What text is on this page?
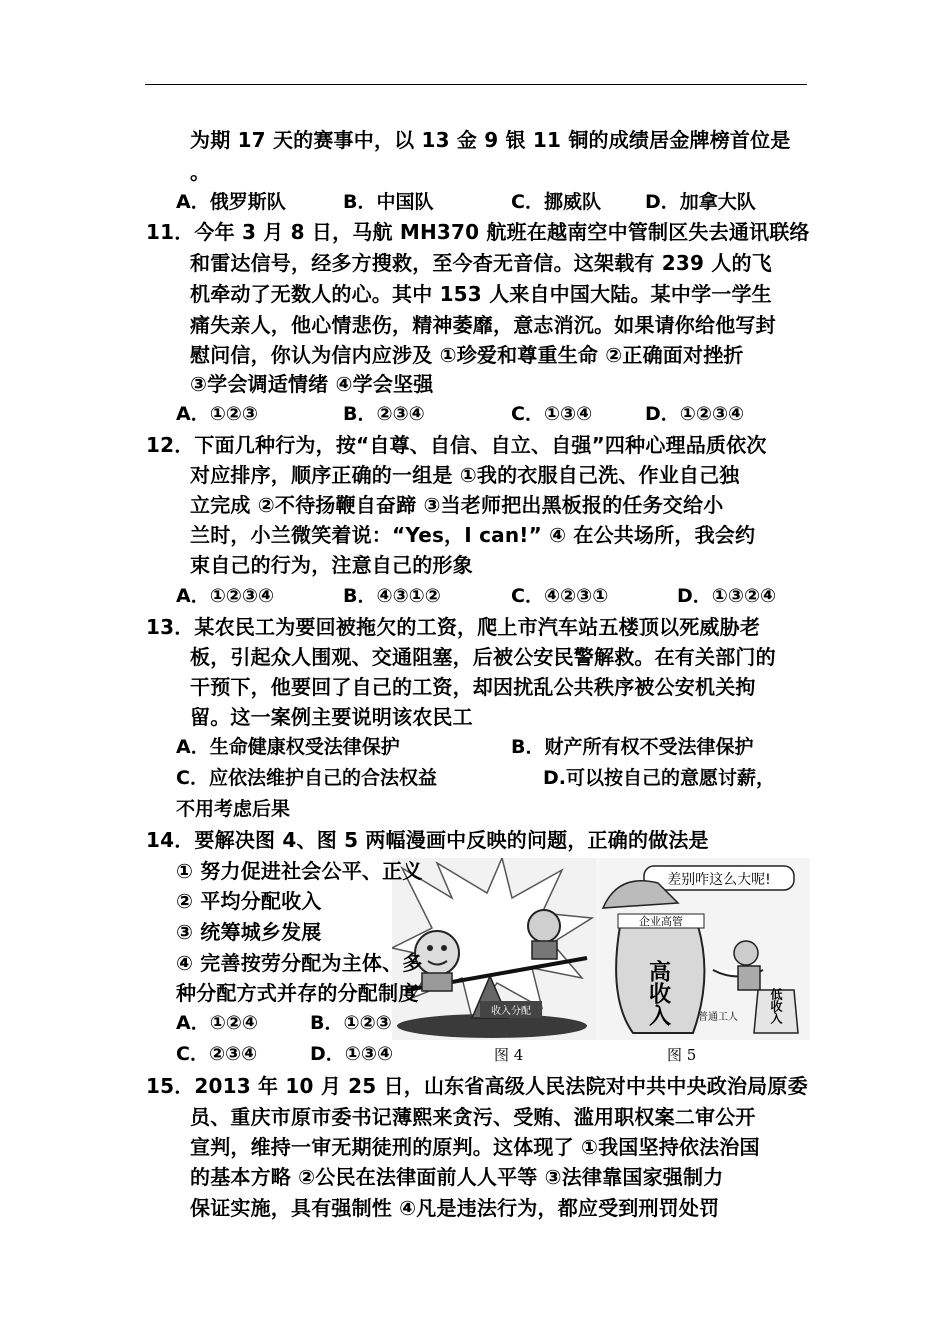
为期 17 天的赛事中，以 13 金 9 银 11 铜的成绩居金牌榜首位是
。
A．俄罗斯队	B．中国队	C．挪威队 D．加拿大队
11．今年 3 月 8 日，马航 MH370 航班在越南空中管制区失去通讯联络
和雷达信号，经多方搜救，至今杳无音信。这架载有 239 人的飞
机牵动了无数人的心。其中 153 人来自中国大陆。某中学一学生
痛失亲人，他心情悲伤，精神萎靡，意志消沉。如果请你给他写封
慰问信，你认为信内应涉及 ①珍爱和尊重生命 ②正确面对挫折
③学会调适情绪 ④学会坚强
A．①②③	B．②③④	C．①③④	D．①②③④
12．下面几种行为，按“自尊、自信、自立、自强”四种心理品质依次
对应排序，顺序正确的一组是 ①我的衣服自己洗、作业自己独
立完成 ②不待扬鞭自奋蹄 ③当老师把出黑板报的任务交给小
兰时，小兰微笑着说：“Yes，I can!” ④ 在公共场所，我会约
束自己的行为，注意自己的形象
A．①②③④	B．④③①②	C．④②③①	D．①③②④
13．某农民工为要回被拖欠的工资，爬上市汽车站五楼顶以死威胁老
板，引起众人围观、交通阻塞，后被公安民警解救。在有关部门的
干预下，他要回了自己的工资，却因扰乱公共秩序被公安机关拘
留。这一案例主要说明该农民工
A．生命健康权受法律保护	B．财产所有权不受法律保护
C．应依法维护自己的合法权益	D.可以按自己的意愿讨薪，
不用考虑后果
14．要解决图 4、图 5 两幅漫画中反映的问题，正确的做法是
收入分配
差别咋这么大呢!
企业高管
高收入	低收入
普通工人
① 努力促进社会公平、正义
② 平均分配收入
③ 统筹城乡发展
④ 完善按劳分配为主体、多
种分配方式并存的分配制度
A．①②④	B．①②③
C．②③④	D．①③④	图 4	图 5
15．2013 年 10 月 25 日，山东省高级人民法院对中共中央政治局原委
员、重庆市原市委书记薄熙来贪污、受贿、滥用职权案二审公开
宣判，维持一审无期徒刑的原判。这体现了 ①我国坚持依法治国
的基本方略 ②公民在法律面前人人平等 ③法律靠国家强制力
保证实施，具有强制性 ④凡是违法行为，都应受到刑罚处罚
